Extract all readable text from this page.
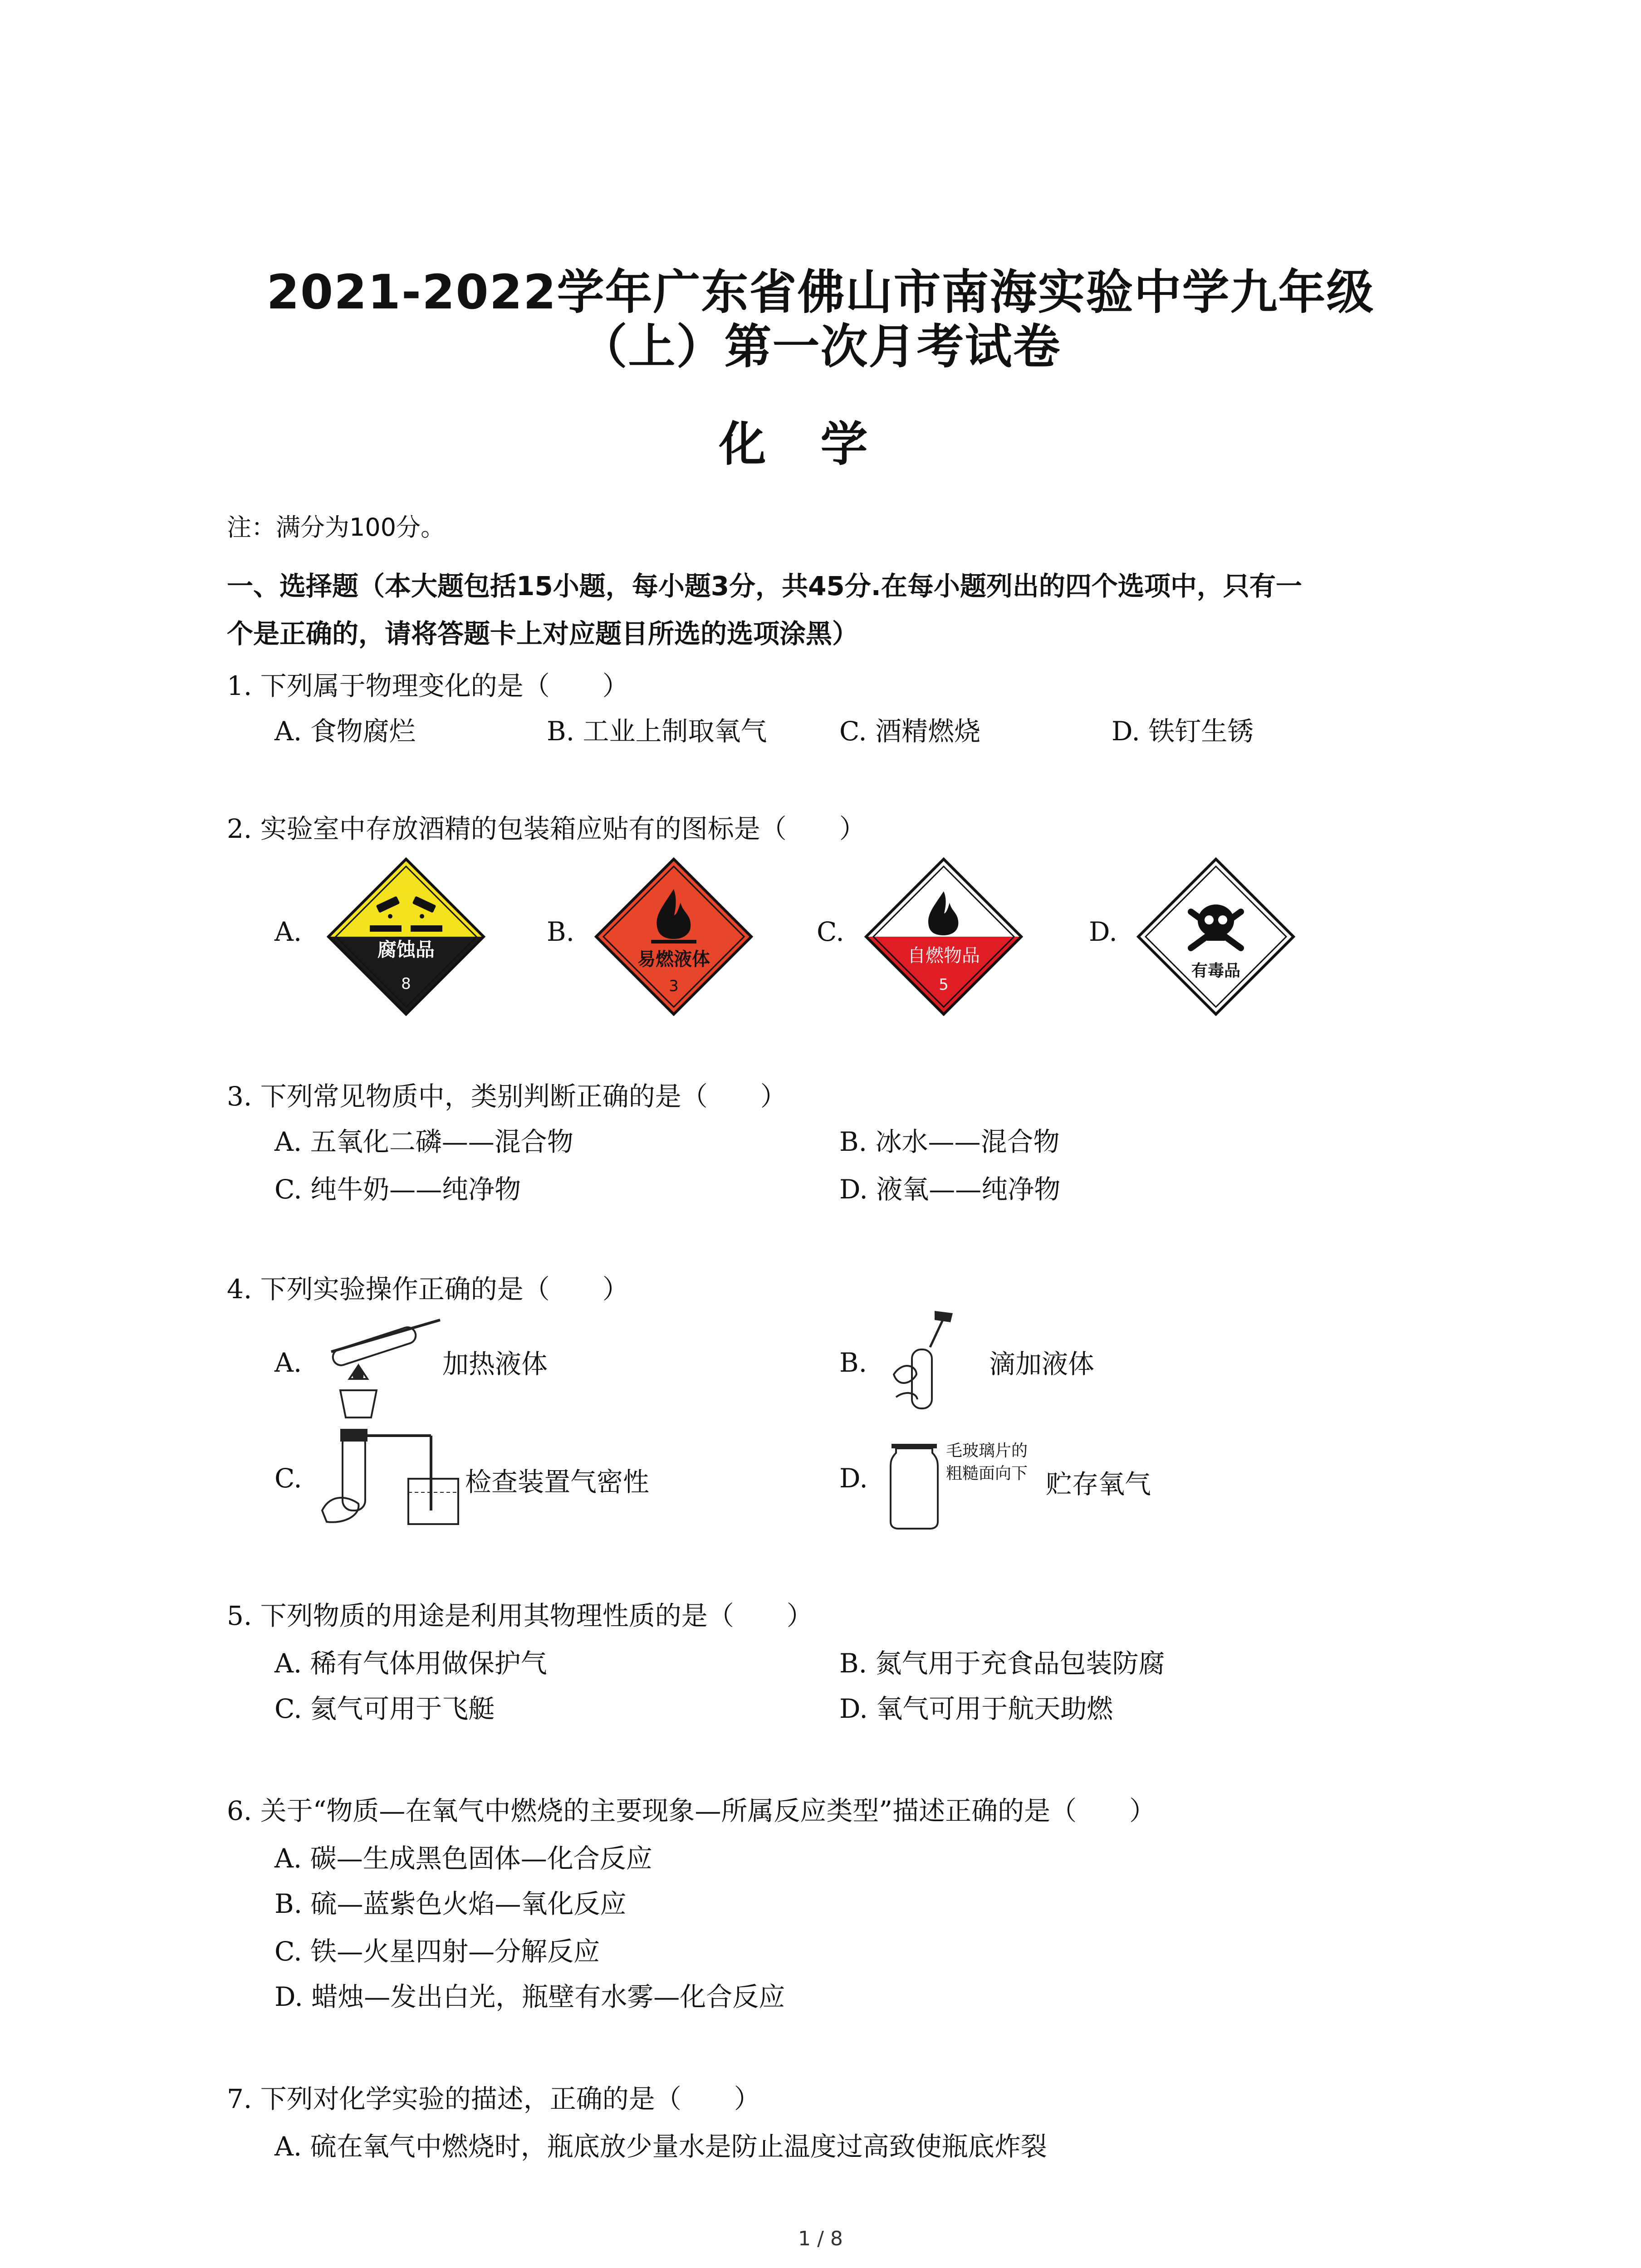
2021-2022学年广东省佛山市南海实验中学九年级
（上）第一次月考试卷
化学
注：满分为100分。
一、选择题（本大题包括15小题，每小题3分，共45分.在每小题列出的四个选项中，只有一
个是正确的，请将答题卡上对应题目所选的选项涂黑）
1. 下列属于物理变化的是（　　）
A. 食物腐烂	B. 工业上制取氧气	C. 酒精燃烧	D. 铁钉生锈
2. 实验室中存放酒精的包装箱应贴有的图标是（　　）
A.	B.	C.	D.
腐蚀品
8
易燃液体
3
自燃物品
5
有毒品
3. 下列常见物质中，类别判断正确的是（　　）
A. 五氧化二磷——混合物	B. 冰水——混合物
C. 纯牛奶——纯净物	D. 液氧——纯净物
4. 下列实验操作正确的是（　　）
A.	加热液体	B.	滴加液体
C.	检查装置气密性	D.
毛玻璃片的
粗糙面向下 贮存氧气
5. 下列物质的用途是利用其物理性质的是（　　）
A. 稀有气体用做保护气	B. 氮气用于充食品包装防腐
C. 氦气可用于飞艇	D. 氧气可用于航天助燃
6. 关于“物质—在氧气中燃烧的主要现象—所属反应类型”描述正确的是（　　）
A. 碳—生成黑色固体—化合反应
B. 硫—蓝紫色火焰—氧化反应
C. 铁—火星四射—分解反应
D. 蜡烛—发出白光，瓶壁有水雾—化合反应
7. 下列对化学实验的描述，正确的是（　　）
A. 硫在氧气中燃烧时，瓶底放少量水是防止温度过高致使瓶底炸裂
1 / 8
